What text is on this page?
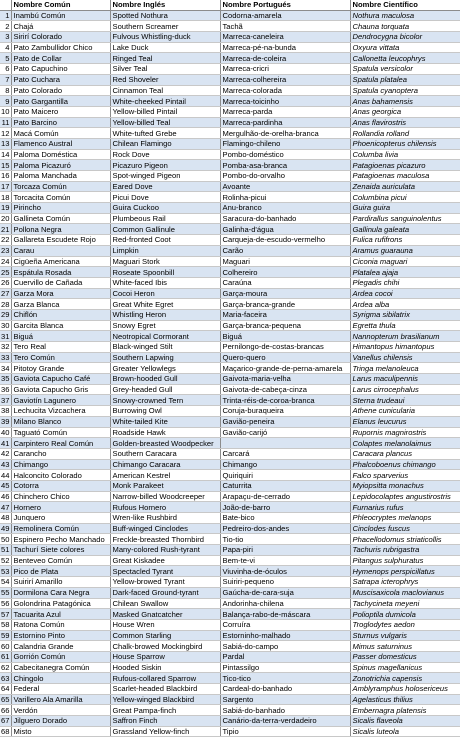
	Nombre Común	Nombre Inglés	Nombre Portugués	Nombre Científico
1	Inambú Común	Spotted Nothura	Codorna-amarela	Nothura maculosa
2	Chajá	Southern Screamer	Tachã	Chauna torquata
3	Sirirí Colorado	Fulvous Whistling-duck	Marreca-caneleira	Dendrocygna bicolor
4	Pato Zambullidor Chico	Lake Duck	Marreca-pé-na-bunda	Oxyura vittata
5	Pato de Collar	Ringed Teal	Marreca-de-coleira	Callonetta leucophrys
6	Pato Capuchino	Silver Teal	Marreca-cricri	Spatula versicolor
7	Pato Cuchara	Red Shoveler	Marreca-colhereira	Spatula platalea
8	Pato Colorado	Cinnamon Teal	Marreca-colorada	Spatula cyanoptera
9	Pato Gargantilla	White-cheeked Pintail	Marreca-toicinho	Anas bahamensis
10	Pato Maicero	Yellow-billed Pintail	Marreca-parda	Anas georgica
11	Pato Barcino	Yellow-billed Teal	Marreca-pardinha	Anas flavirostris
12	Macá Común	White-tufted Grebe	Mergulhão-de-orelha-branca	Rollandia rolland
13	Flamenco Austral	Chilean Flamingo	Flamingo-chileno	Phoenicopterus chilensis
14	Paloma Doméstica	Rock Dove	Pombo-doméstico	Columba livia
15	Paloma Picazuró	Picazuro Pigeon	Pomba-asa-branca	Patagioenas picazuro
16	Paloma Manchada	Spot-winged Pigeon	Pombo-do-orvalho	Patagioenas maculosa
17	Torcaza Común	Eared Dove	Avoante	Zenaida auriculata
18	Torcacita Común	Picui Dove	Rolinha-picui	Columbina picui
19	Pirincho	Guira Cuckoo	Anu-branco	Guira guira
20	Gallineta Común	Plumbeous Rail	Saracura-do-banhado	Pardirallus sanguinolentus
21	Pollona Negra	Common Gallinule	Galinha-d'água	Gallinula galeata
22	Gallareta Escudete Rojo	Red-fronted Coot	Carqueja-de-escudo-vermelho	Fulica rufifrons
23	Carau	Limpkin	Carão	Aramus guarauna
24	Cigüeña Americana	Maguari Stork	Maguari	Ciconia maguari
25	Espátula Rosada	Roseate Spoonbill	Colhereiro	Platalea ajaja
26	Cuervillo de Cañada	White-faced Ibis	Caraúna	Plegadis chihi
27	Garza Mora	Cocoi Heron	Garça-moura	Ardea cocoi
28	Garza Blanca	Great White Egret	Garça-branca-grande	Ardea alba
29	Chiflón	Whistling Heron	Maria-faceira	Syrigma sibilatrix
30	Garcita Blanca	Snowy Egret	Garça-branca-pequena	Egretta thula
31	Biguá	Neotropical Cormorant	Biguá	Nannopterum brasilianum
32	Tero Real	Black-winged Stilt	Pernilongo-de-costas-brancas	Himantopus himantopus
33	Tero Común	Southern Lapwing	Quero-quero	Vanellus chilensis
34	Pitotoy Grande	Greater Yellowlegs	Maçarico-grande-de-perna-amarela	Tringa melanoleuca
35	Gaviota Capucho Café	Brown-hooded Gull	Gaivota-maria-velha	Larus maculipennis
36	Gaviota Capucho Gris	Grey-headed Gull	Gaivota-de-cabeça-cinza	Larus cirrocephalus
37	Gaviotín Lagunero	Snowy-crowned Tern	Trinta-réis-de-coroa-branca	Sterna trudeaui
38	Lechucita Vizcachera	Burrowing Owl	Coruja-buraqueira	Athene cunicularia
39	Milano Blanco	White-tailed Kite	Gavião-peneira	Elanus leucurus
40	Taguató Común	Roadside Hawk	Gavião-carijó	Rupornis magnirostris
41	Carpintero Real Común	Golden-breasted Woodpecker		Colaptes melanolaimus
42	Carancho	Southern Caracara	Carcará	Caracara plancus
43	Chimango	Chimango Caracara	Chimango	Phalcoboenus chimango
44	Halconcito Colorado	American Kestrel	Quiriquiri	Falco sparverius
45	Cotorra	Monk Parakeet	Caturrita	Myiopsitta monachus
46	Chinchero Chico	Narrow-billed Woodcreeper	Arapaçu-de-cerrado	Lepidocolaptes angustirostris
47	Hornero	Rufous Hornero	João-de-barro	Furnarius rufus
48	Junquero	Wren-like Rushbird	Bate-bico	Phleocryptes melanops
49	Remolinera Común	Buff-winged Cinclodes	Pedreiro-dos-andes	Cinclodes fuscus
50	Espinero Pecho Manchado	Freckle-breasted Thornbird	Tio-tio	Phacellodomus striaticollis
51	Tachurí Siete colores	Many-colored Rush-tyrant	Papa-piri	Tachuris rubrigastra
52	Benteveo Común	Great Kiskadee	Bem-te-vi	Pitangus sulphuratus
53	Pico de Plata	Spectacled Tyrant	Viuvinha-de-óculos	Hymenops perspicillatus
54	Suirirí Amarillo	Yellow-browed Tyrant	Suiriri-pequeno	Satrapa icterophrys
55	Dormilona Cara Negra	Dark-faced Ground-tyrant	Gaúcha-de-cara-suja	Muscisaxicola maclovianus
56	Golondrina Patagónica	Chilean Swallow	Andorinha-chilena	Tachycineta meyeni
57	Tacuarita Azul	Masked Gnatcatcher	Balança-rabo-de-máscara	Polioptila dumicola
58	Ratona Común	House Wren	Corruíra	Troglodytes aedon
59	Estornino Pinto	Common Starling	Estorninho-malhado	Sturnus vulgaris
60	Calandria Grande	Chalk-browed Mockingbird	Sabiá-do-campo	Mimus saturninus
61	Gorrión Común	House Sparrow	Pardal	Passer domesticus
62	Cabecitanegra Común	Hooded Siskin	Pintassilgo	Spinus magellanicus
63	Chingolo	Rufous-collared Sparrow	Tico-tico	Zonotrichia capensis
64	Federal	Scarlet-headed Blackbird	Cardeal-do-banhado	Amblyramphus holosericeus
65	Varillero Ala Amarilla	Yellow-winged Blackbird	Sargento	Agelasticus thilius
66	Verdón	Great Pampa-finch	Sabiá-do-banhado	Embernagra platensis
67	Jilguero Dorado	Saffron Finch	Canário-da-terra-verdadeiro	Sicalis flaveola
68	Misto	Grassland Yellow-finch	Tipio	Sicalis luteola
